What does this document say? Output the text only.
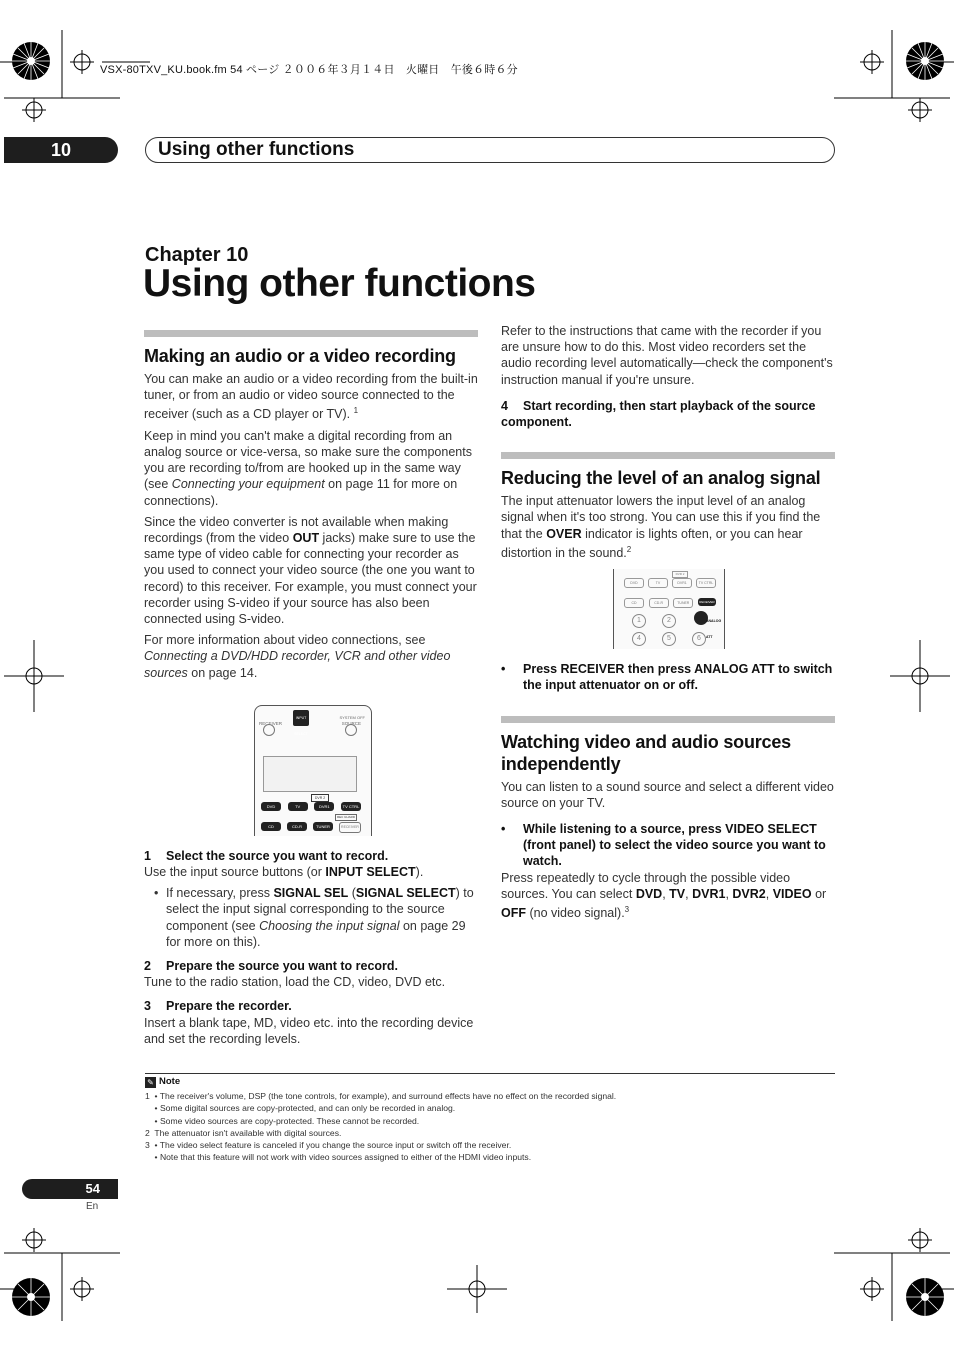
VSX-80TXV_KU.book.fm 54 ページ ２００６年３月１４日　火曜日　午後６時６分
10	Using other functions
Chapter 10
Using other functions
Making an audio or a video recording

You can make an audio or a video recording from the built-in tuner, or from an audio or video source connected to the receiver (such as a CD player or TV). $^1$

Keep in mind you can't make a digital recording from an analog source or vice-versa, so make sure the components you are recording to/from are hooked up in the same way (see Connecting your equipment on page 11 for more on connections).

Since the video converter is not available when making recordings (from the video OUT jacks) make sure to use the same type of video cable for connecting your recorder as you used to connect your video source (the one you want to record) to this receiver. For example, you must connect your recorder using S-video if your source has also been connected using S-video.

For more information about video connections, see Connecting a DVD/HDD recorder, VCR and other video sources on page 14.

RECEIVER
INPUT SELECT
SYSTEM OFF
SOURCE
DVR 2
DVD	TV	DVR1	TV CTRL
REC GUARD
CD	CD-R	TUNER	RECEIVER
1 Select the source you want to record.

Use the input source buttons (or INPUT SELECT).

• If necessary, press SIGNAL SEL (SIGNAL SELECT) to select the input signal corresponding to the source component (see Choosing the input signal on page 29 for more on this).

2 Prepare the source you want to record.

Tune to the radio station, load the CD, video, DVD etc.

3 Prepare the recorder.

Insert a blank tape, MD, video etc. into the recording device and set the recording levels.

Refer to the instructions that came with the recorder if you are unsure how to do this. Most video recorders set the audio recording level automatically—check the component's instruction manual if you're unsure.

4 Start recording, then start playback of the source component.
Reducing the level of an analog signal

The input attenuator lowers the input level of an analog signal when it's too strong. You can use this if you find the that the OVER indicator is lights often, or you can hear distortion in the sound.$^2$

DVR 2
DVD	TV	DVR1	TV CTRL
CD	CD-R	TUNER	RECEIVER
ANALOG ATT
1	2
4	5	6

• Press RECEIVER then press ANALOG ATT to switch the input attenuator on or off.

Watching video and audio sources independently

You can listen to a sound source and select a different video source on your TV.

• While listening to a source, press VIDEO SELECT (front panel) to select the video source you want to watch.

Press repeatedly to cycle through the possible video sources. You can select DVD, TV, DVR1, DVR2, VIDEO or OFF (no video signal).$^3$

✎ Note
1  • The receiver's volume, DSP (the tone controls, for example), and surround effects have no effect on the recorded signal.
• Some digital sources are copy-protected, and can only be recorded in analog.
• Some video sources are copy-protected. These cannot be recorded.
2  The attenuator isn't available with digital sources.
3  • The video select feature is canceled if you change the source input or switch off the receiver.
• Note that this feature will not work with video sources assigned to either of the HDMI video inputs.
54
En
